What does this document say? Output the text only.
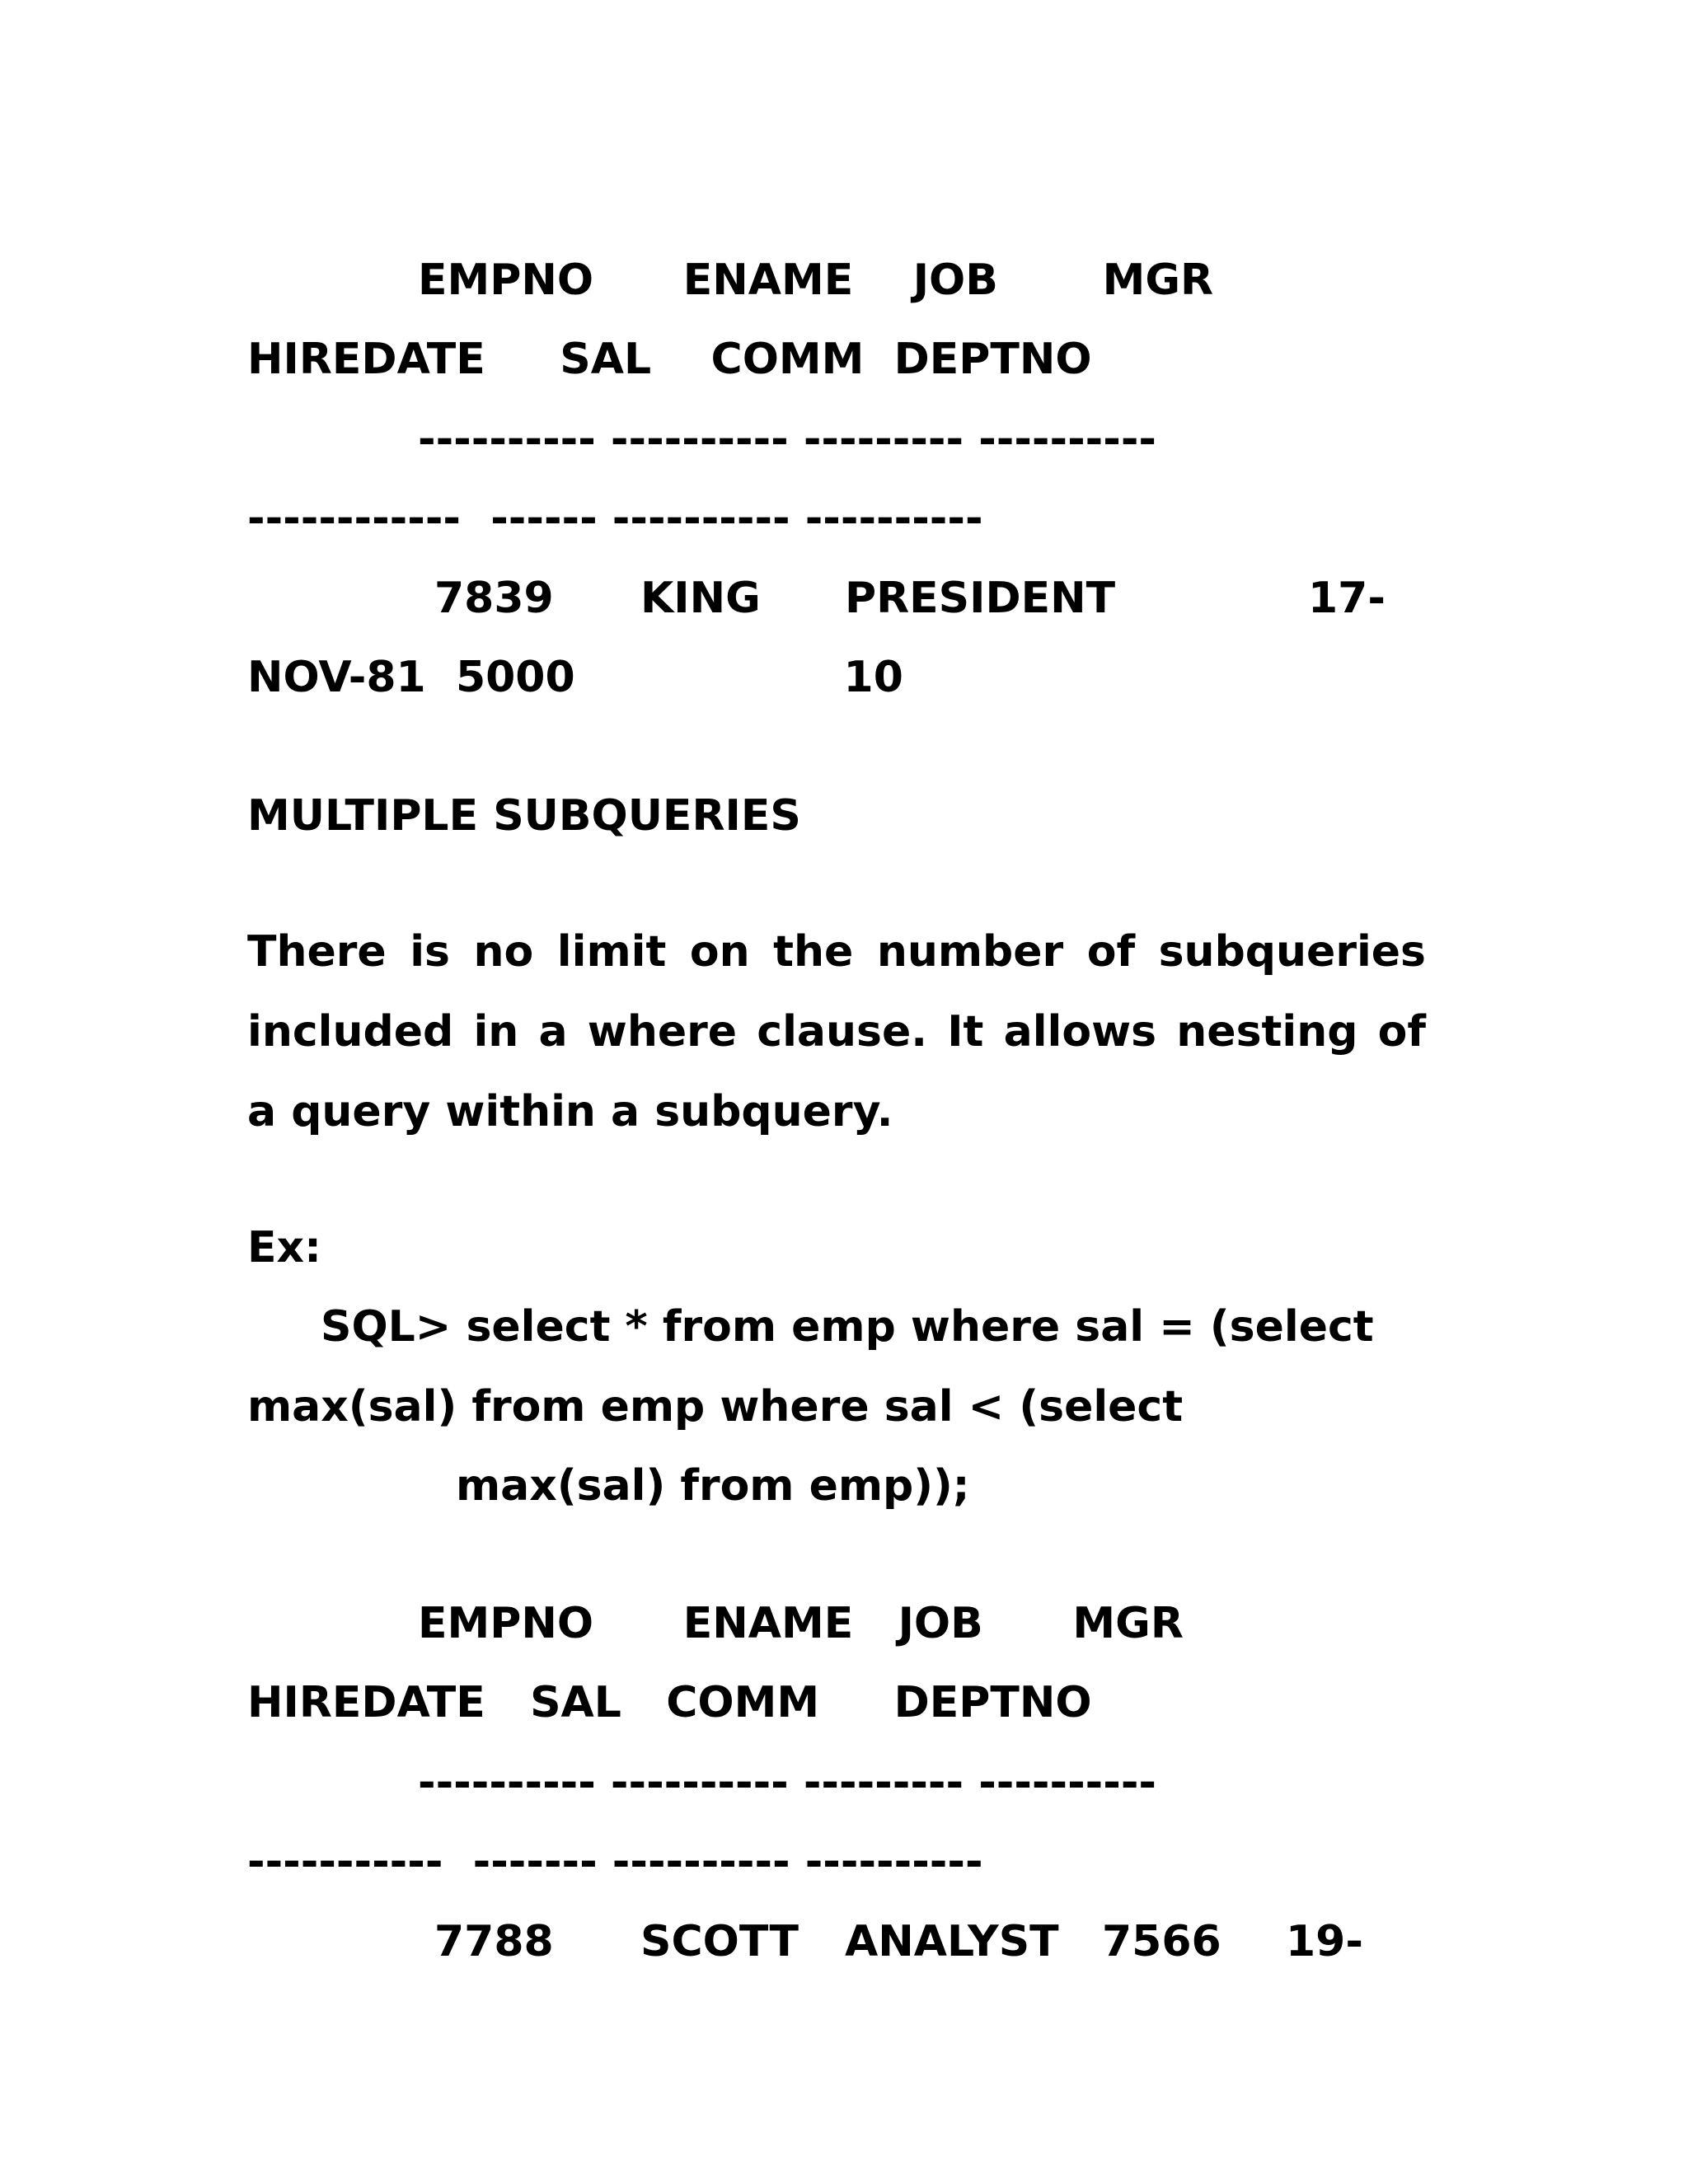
EMPNO      ENAME    JOB       MGR

HIREDATE     SAL    COMM  DEPTNO

---------- ---------- --------- ----------

------------  ------ ---------- ----------

7839 KING PRESIDENT	17-

NOV-81  5000                  10

MULTIPLE SUBQUERIES

There is no limit on the number of subqueries included in a where clause. It allows nesting of a query within a subquery.

Ex:

SQL> select * from emp where sal = (select

max(sal) from emp where sal < (select

max(sal) from emp));

EMPNO      ENAME   JOB      MGR

HIREDATE   SAL   COMM     DEPTNO

---------- ---------- --------- ----------

-----------  ------- ---------- ----------

7788 SCOTT ANALYST 7566 19-
